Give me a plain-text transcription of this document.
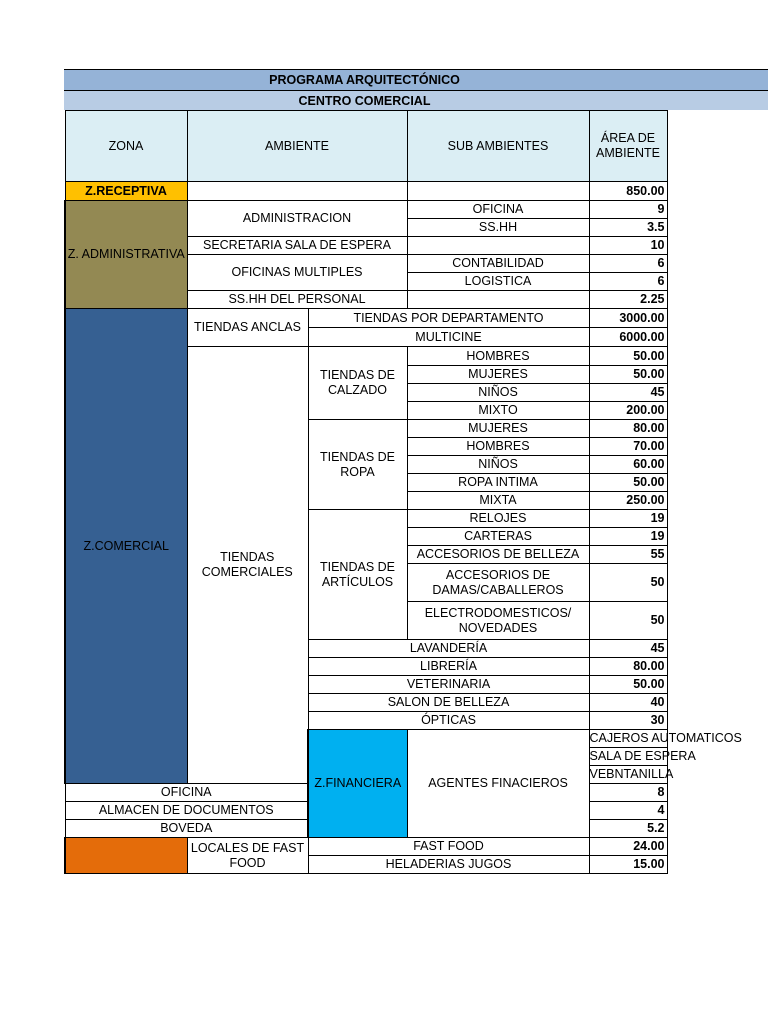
PROGRAMA ARQUITECTÓNICO
CENTRO COMERCIAL
ZONA	AMBIENTE		SUB AMBIENTES	ÁREA DE AMBIENTE	
Z.RECEPTIVA				850.00	
Z. ADMINISTRATIVA	ADMINISTRACION		OFICINA	9	
			SS.HH	3.5	
	SECRETARIA SALA DE ESPERA			10	
	OFICINAS MULTIPLES		CONTABILIDAD	6	
			LOGISTICA	6	
	SS.HH DEL PERSONAL			2.25	
Z.COMERCIAL	TIENDAS ANCLAS	TIENDAS POR DEPARTAMENTO		3000.00	
		MULTICINE		6000.00	
	TIENDAS COMERCIALES	TIENDAS DE CALZADO	HOMBRES	50.00	
			MUJERES	50.00	
			NIÑOS	45	
			MIXTO	200.00	
		TIENDAS DE ROPA	MUJERES	80.00	
			HOMBRES	70.00	
			NIÑOS	60.00	
			ROPA INTIMA	50.00	
			MIXTA	250.00	
		TIENDAS DE ARTÍCULOS	RELOJES	19	
			CARTERAS	19	
			ACCESORIOS DE BELLEZA	55	
			ACCESORIOS DE DAMAS/CABALLEROS	50	
			ELECTRODOMESTICOS/ NOVEDADES	50	
		LAVANDERÍA		45	
		LIBRERÍA		80.00	
		VETERINARIA		50.00	
		SALON DE BELLEZA		40	
		ÓPTICAS		30	
		Z.FINANCIERA	AGENTES FINACIEROS	CAJEROS AUTOMATICOS	
				SALA DE ESPERA	
				VEBNTANILLA	
OFICINA				8	
ALMACEN DE DOCUMENTOS				4	
BOVEDA				5.2	
	LOCALES DE FAST FOOD	FAST FOOD		24.00	
		HELADERIAS JUGOS		15.00	
